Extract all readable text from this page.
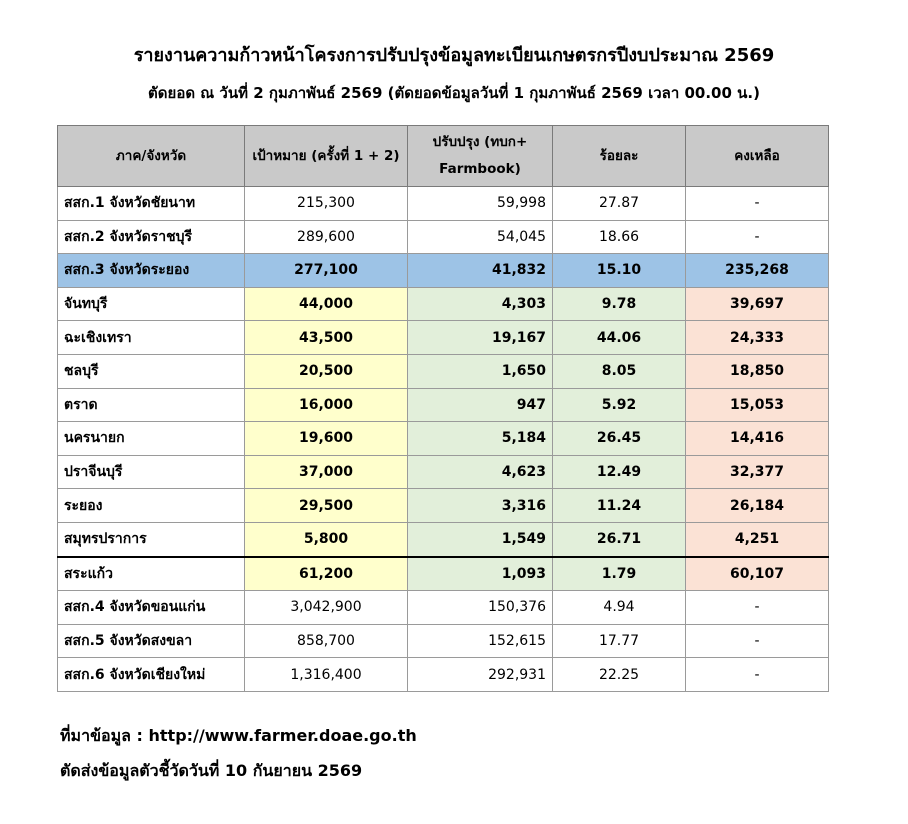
รายงานความก้าวหน้าโครงการปรับปรุงข้อมูลทะเบียนเกษตรกรปีงบประมาณ 2569
ตัดยอด ณ วันที่ 2 กุมภาพันธ์ 2569 (ตัดยอดข้อมูลวันที่ 1 กุมภาพันธ์ 2569 เวลา 00.00 น.)
ภาค/จังหวัด	เป้าหมาย (ครั้งที่ 1 + 2)	ปรับปรุง (ทบก+
Farmbook)	ร้อยละ	คงเหลือ
สสก.1 จังหวัดชัยนาท	215,300	59,998	27.87	-
สสก.2 จังหวัดราชบุรี	289,600	54,045	18.66	-
สสก.3 จังหวัดระยอง	277,100	41,832	15.10	235,268
จันทบุรี	44,000	4,303	9.78	39,697
ฉะเชิงเทรา	43,500	19,167	44.06	24,333
ชลบุรี	20,500	1,650	8.05	18,850
ตราด	16,000	947	5.92	15,053
นครนายก	19,600	5,184	26.45	14,416
ปราจีนบุรี	37,000	4,623	12.49	32,377
ระยอง	29,500	3,316	11.24	26,184
สมุทรปราการ	5,800	1,549	26.71	4,251
สระแก้ว	61,200	1,093	1.79	60,107
สสก.4 จังหวัดขอนแก่น	3,042,900	150,376	4.94	-
สสก.5 จังหวัดสงขลา	858,700	152,615	17.77	-
สสก.6 จังหวัดเชียงใหม่	1,316,400	292,931	22.25	-
ที่มาข้อมูล : http://www.farmer.doae.go.th
ตัดส่งข้อมูลตัวชี้วัดวันที่ 10 กันยายน 2569
